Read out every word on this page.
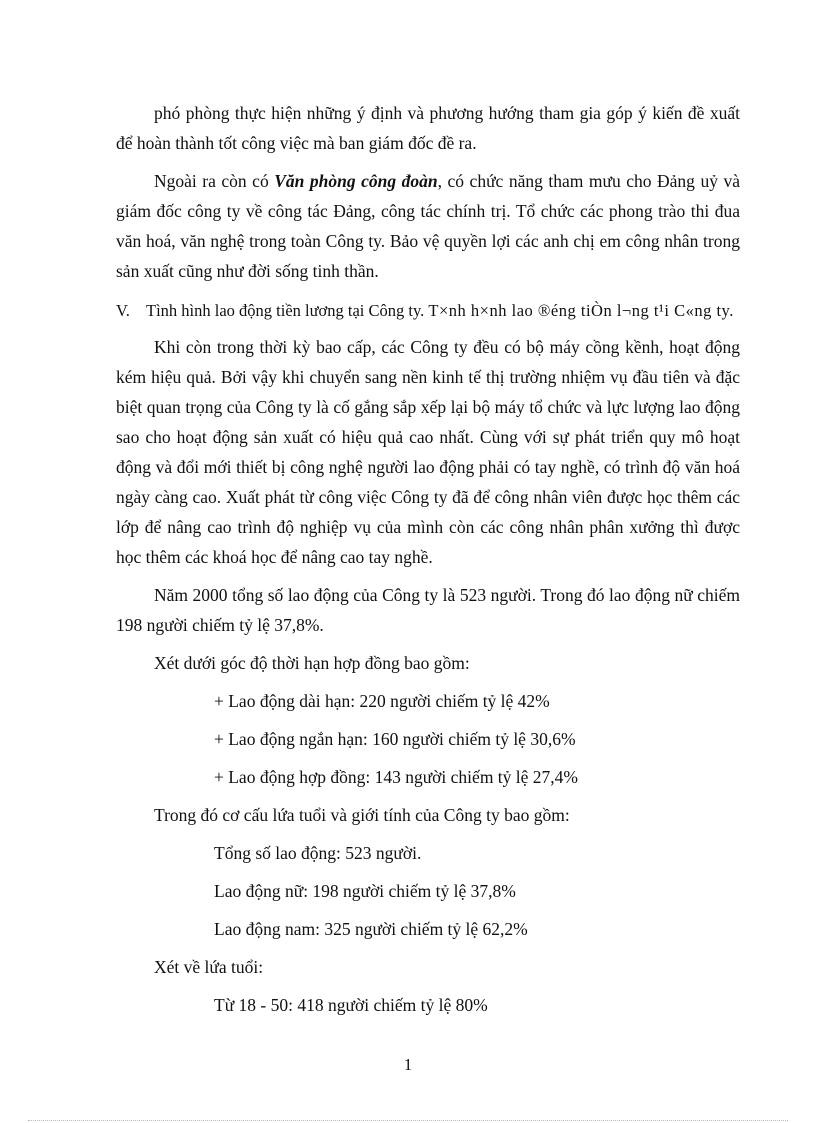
phó phòng thực hiện những ý định và phương hướng tham gia góp ý kiến đề xuất để hoàn thành tốt công việc mà ban giám đốc đề ra.

Ngoài ra còn có Văn phòng công đoàn, có chức năng tham mưu cho Đảng uỷ và giám đốc công ty về công tác Đảng, công tác chính trị. Tổ chức các phong trào thi đua văn hoá, văn nghệ trong toàn Công ty. Bảo vệ quyền lợi các anh chị em công nhân trong sản xuất cũng như đời sống tinh thần.

V. Tình hình lao động tiền lương tại Công ty. T×nh h×nh lao ®éng tiÒn l¬ng t¹i C«ng ty.

Khi còn trong thời kỳ bao cấp, các Công ty đều có bộ máy cồng kềnh, hoạt động kém hiệu quả. Bởi vậy khi chuyển sang nền kinh tế thị trường nhiệm vụ đầu tiên và đặc biệt quan trọng của Công ty là cố gắng sắp xếp lại bộ máy tổ chức và lực lượng lao động sao cho hoạt động sản xuất có hiệu quả cao nhất. Cùng với sự phát triển quy mô hoạt động và đổi mới thiết bị công nghệ người lao động phải có tay nghề, có trình độ văn hoá ngày càng cao. Xuất phát từ công việc Công ty đã để công nhân viên được học thêm các lớp để nâng cao trình độ nghiệp vụ của mình còn các công nhân phân xưởng thì được học thêm các khoá học để nâng cao tay nghề.

Năm 2000 tổng số lao động của Công ty là 523 người. Trong đó lao động nữ chiếm 198 người chiếm tỷ lệ 37,8%.

Xét dưới góc độ thời hạn hợp đồng bao gồm:

+ Lao động dài hạn: 220 người chiếm tỷ lệ 42%

+ Lao động ngắn hạn: 160 người chiếm tỷ lệ 30,6%

+ Lao động hợp đồng: 143 người chiếm tỷ lệ 27,4%

Trong đó cơ cấu lứa tuổi và giới tính của Công ty bao gồm:

Tổng số lao động: 523 người.

Lao động nữ: 198 người chiếm tỷ lệ 37,8%

Lao động nam: 325 người chiếm tỷ lệ 62,2%

Xét về lứa tuổi:

Từ 18 - 50: 418 người chiếm tỷ lệ 80%

1
